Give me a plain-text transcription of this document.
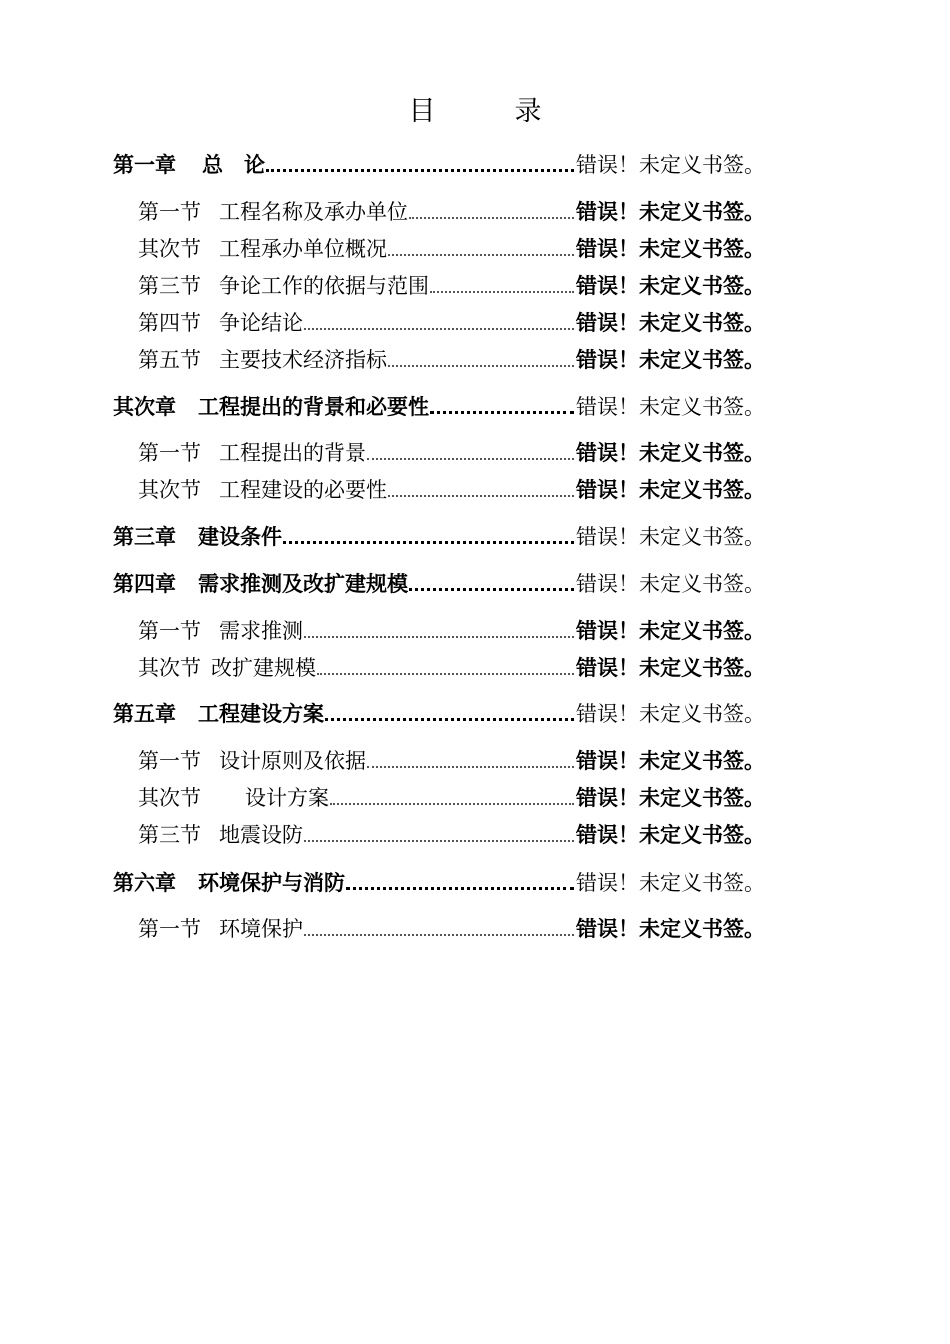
目　录
第一章 总　论	错误！未定义书签。
第一节 工程名称及承办单位	错误！未定义书签。
其次节 工程承办单位概况	错误！未定义书签。
第三节 争论工作的依据与范围	错误！未定义书签。
第四节 争论结论	错误！未定义书签。
第五节 主要技术经济指标	错误！未定义书签。
其次章 工程提出的背景和必要性	错误！未定义书签。
第一节 工程提出的背景	错误！未定义书签。
其次节 工程建设的必要性	错误！未定义书签。
第三章 建设条件	错误！未定义书签。
第四章 需求推测及改扩建规模	错误！未定义书签。
第一节 需求推测	错误！未定义书签。
其次节 改扩建规模	错误！未定义书签。
第五章 工程建设方案	错误！未定义书签。
第一节 设计原则及依据	错误！未定义书签。
其次节 设计方案	错误！未定义书签。
第三节 地震设防	错误！未定义书签。
第六章 环境保护与消防	错误！未定义书签。
第一节 环境保护	错误！未定义书签。
